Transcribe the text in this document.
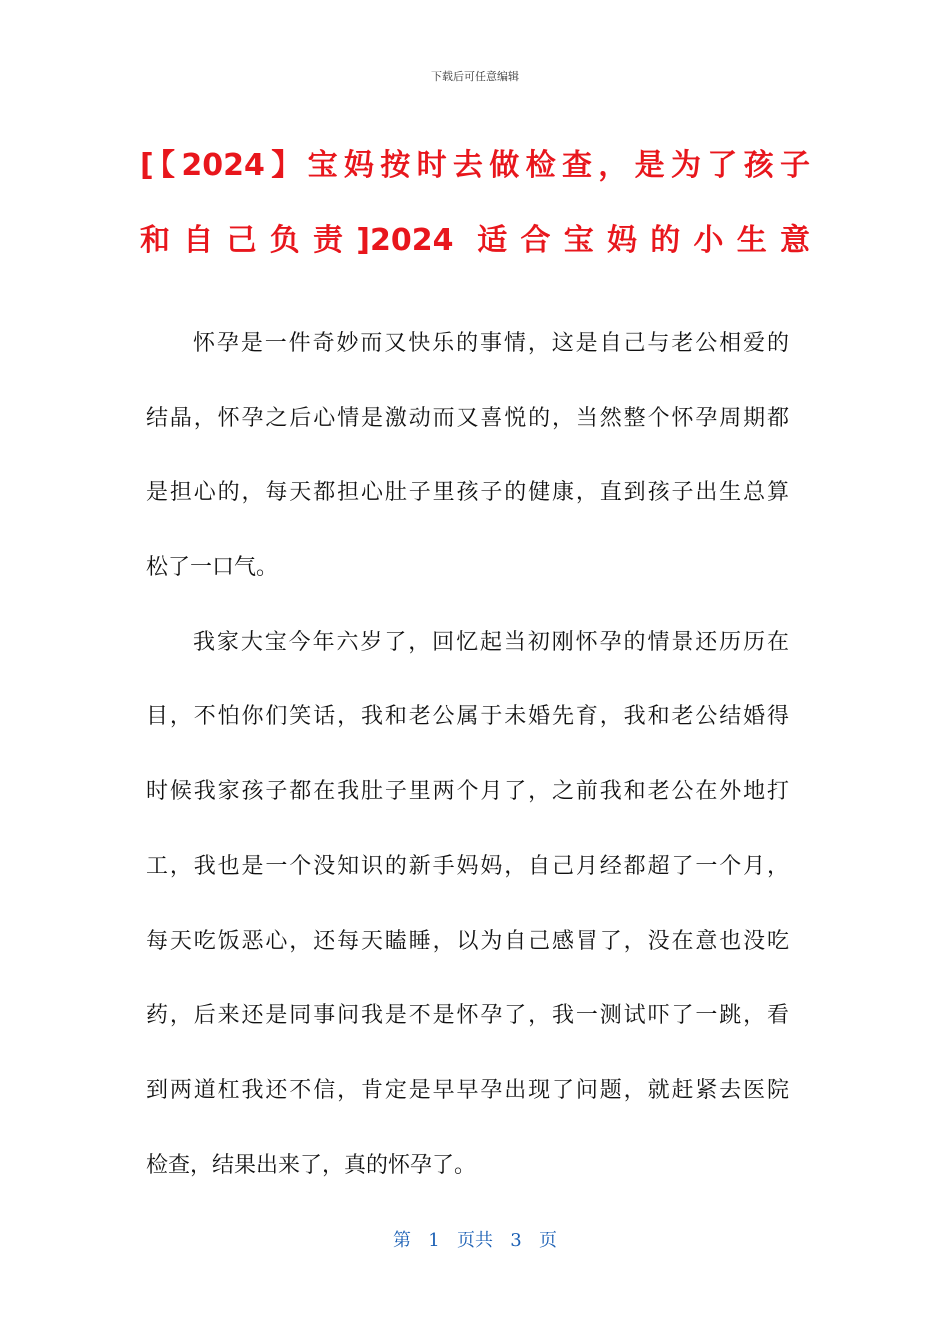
下载后可任意编辑
[【2024】宝妈按时去做检查，是为了孩子
和自己负责]2024 适合宝妈的小生意
怀孕是一件奇妙而又快乐的事情，这是自己与老公相爱的
结晶，怀孕之后心情是激动而又喜悦的，当然整个怀孕周期都
是担心的，每天都担心肚子里孩子的健康，直到孩子出生总算
松了一口气。
我家大宝今年六岁了，回忆起当初刚怀孕的情景还历历在
目，不怕你们笑话，我和老公属于未婚先育，我和老公结婚得
时候我家孩子都在我肚子里两个月了，之前我和老公在外地打
工，我也是一个没知识的新手妈妈，自己月经都超了一个月，
每天吃饭恶心，还每天瞌睡，以为自己感冒了，没在意也没吃
药，后来还是同事问我是不是怀孕了，我一测试吓了一跳，看
到两道杠我还不信，肯定是早早孕出现了问题，就赶紧去医院
检查，结果出来了，真的怀孕了。
第 1 页共 3 页
